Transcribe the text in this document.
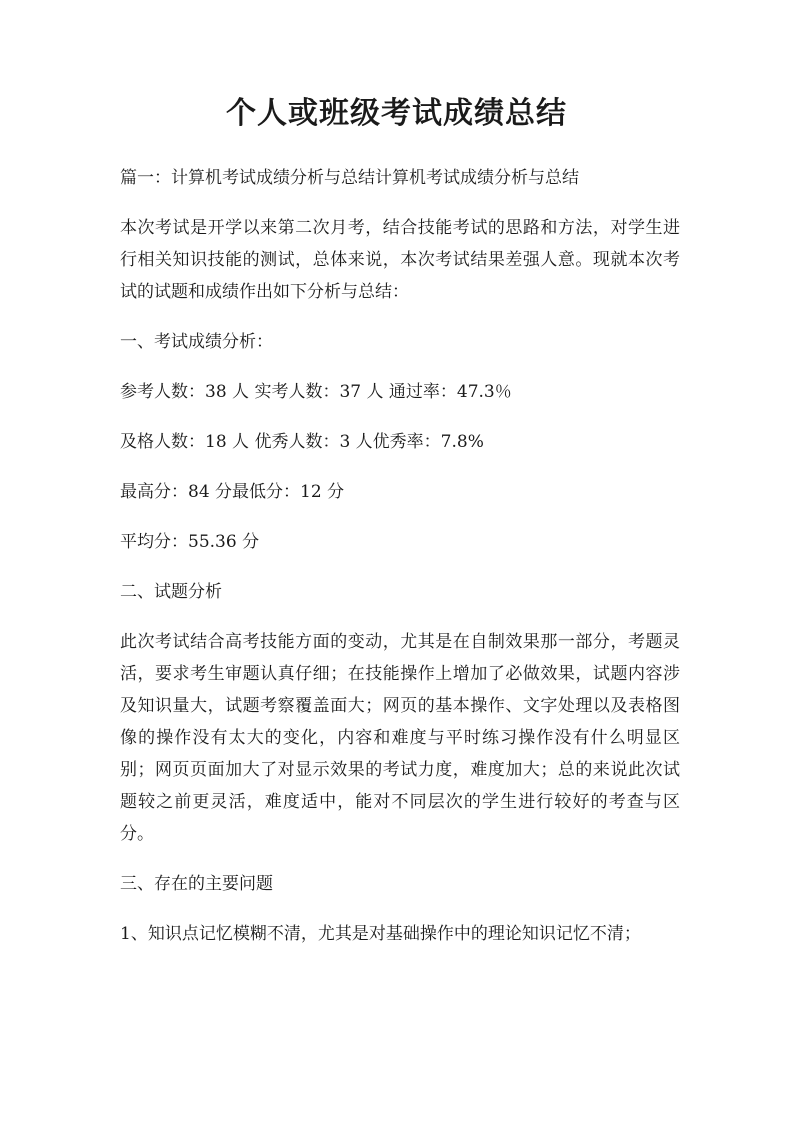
个人或班级考试成绩总结

篇一：计算机考试成绩分析与总结计算机考试成绩分析与总结

本次考试是开学以来第二次月考，结合技能考试的思路和方法，对学生进行相关知识技能的测试，总体来说，本次考试结果差强人意。现就本次考试的试题和成绩作出如下分析与总结：

一、考试成绩分析：

参考人数：38 人 实考人数：37 人 通过率：47.3％

及格人数：18 人 优秀人数：3 人优秀率：7.8%

最高分：84 分最低分：12 分

平均分：55.36 分

二、试题分析

此次考试结合高考技能方面的变动，尤其是在自制效果那一部分，考题灵活，要求考生审题认真仔细；在技能操作上增加了必做效果，试题内容涉及知识量大，试题考察覆盖面大；网页的基本操作、文字处理以及表格图像的操作没有太大的变化，内容和难度与平时练习操作没有什么明显区别；网页页面加大了对显示效果的考试力度，难度加大；总的来说此次试题较之前更灵活，难度适中，能对不同层次的学生进行较好的考查与区分。

三、存在的主要问题

1、知识点记忆模糊不清，尤其是对基础操作中的理论知识记忆不清；
